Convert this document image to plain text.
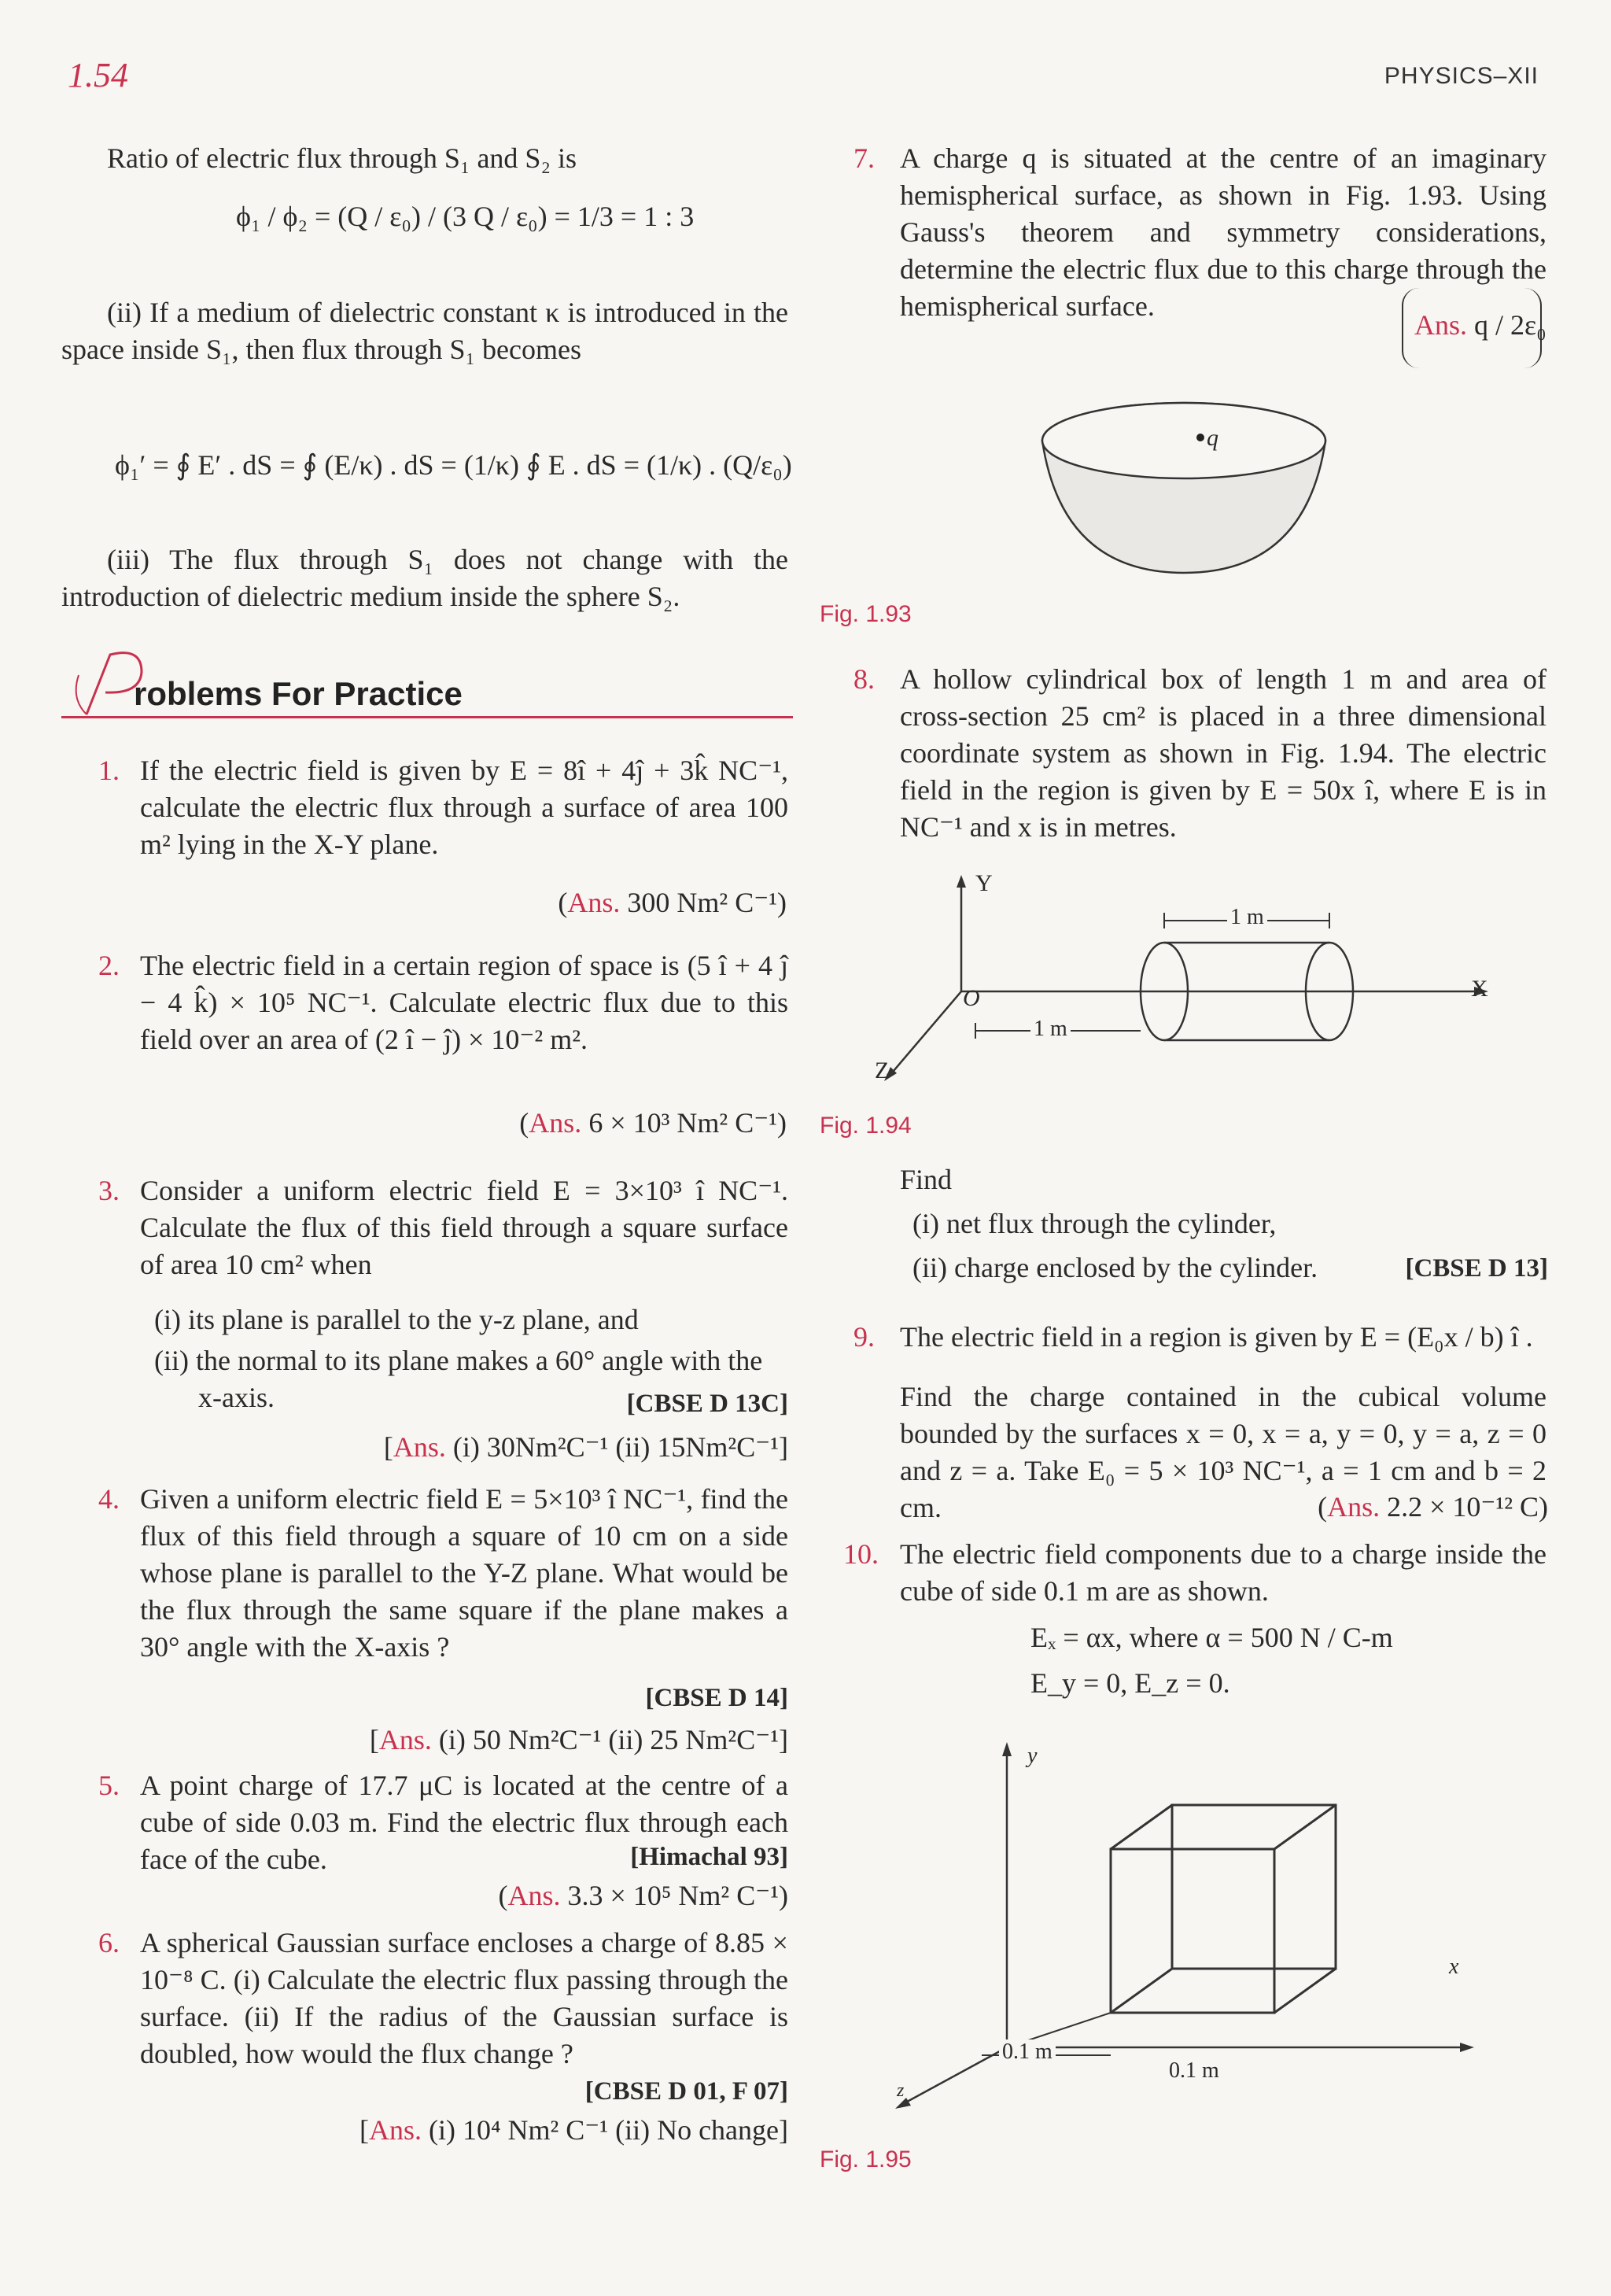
1.54	PHYSICS–XII
Ratio of electric flux through S₁ and S₂ is
ϕ₁ / ϕ₂ = (Q / ε₀) / (3 Q / ε₀) = 1/3 = 1 : 3
(ii) If a medium of dielectric constant κ is introduced in the space inside S₁, then flux through S₁ becomes
ϕ₁′ = ∮ E′ . dS = ∮ (E/κ) . dS = (1/κ) ∮ E . dS = (1/κ) . (Q/ε₀)
(iii) The flux through S₁ does not change with the introduction of dielectric medium inside the sphere S₂.
roblems For Practice
1. If the electric field is given by E = 8î + 4ĵ + 3k̂ NC⁻¹, calculate the electric flux through a surface of area 100 m² lying in the X-Y plane.
(Ans. 300 Nm² C⁻¹)
2. The electric field in a certain region of space is (5 î + 4 ĵ − 4 k̂) × 10⁵ NC⁻¹. Calculate electric flux due to this field over an area of (2 î − ĵ) × 10⁻² m².
(Ans. 6 × 10³ Nm² C⁻¹)
3. Consider a uniform electric field E = 3×10³ î NC⁻¹. Calculate the flux of this field through a square surface of area 10 cm² when
(i) its plane is parallel to the y-z plane, and
(ii) the normal to its plane makes a 60° angle with the x-axis.	[CBSE D 13C]
[Ans. (i) 30Nm²C⁻¹ (ii) 15Nm²C⁻¹]
4. Given a uniform electric field E = 5×10³ î NC⁻¹, find the flux of this field through a square of 10 cm on a side whose plane is parallel to the Y-Z plane. What would be the flux through the same square if the plane makes a 30° angle with the X-axis ?
[CBSE D 14]
[Ans. (i) 50 Nm²C⁻¹ (ii) 25 Nm²C⁻¹]
5. A point charge of 17.7 μC is located at the centre of a cube of side 0.03 m. Find the electric flux through each face of the cube.	[Himachal 93]
(Ans. 3.3 × 10⁵ Nm² C⁻¹)
6. A spherical Gaussian surface encloses a charge of 8.85 × 10⁻⁸ C. (i) Calculate the electric flux passing through the surface. (ii) If the radius of the Gaussian surface is doubled, how would the flux change ?
[CBSE D 01, F 07]
[Ans. (i) 10⁴ Nm² C⁻¹ (ii) No change]
7. A charge q is situated at the centre of an imaginary hemispherical surface, as shown in Fig. 1.93. Using Gauss's theorem and symmetry considerations, determine the electric flux due to this charge through the hemispherical surface.
Ans. q / 2ε₀
q
Fig. 1.93
8. A hollow cylindrical box of length 1 m and area of cross-section 25 cm² is placed in a three dimensional coordinate system as shown in Fig. 1.94. The electric field in the region is given by E = 50x î, where E is in NC⁻¹ and x is in metres.
Y
X
Z
O
1 m
1 m
Fig. 1.94
Find
(i) net flux through the cylinder,
(ii) charge enclosed by the cylinder.	[CBSE D 13]
9. The electric field in a region is given by E = (E₀x / b) î .
Find the charge contained in the cubical volume bounded by the surfaces x = 0, x = a, y = 0, y = a, z = 0 and z = a. Take E₀ = 5 × 10³ NC⁻¹, a = 1 cm and b = 2 cm.	(Ans. 2.2 × 10⁻¹² C)
10. The electric field components due to a charge inside the cube of side 0.1 m are as shown.
Eₓ = αx, where α = 500 N / C-m
E_y = 0, E_z = 0.
y
x
z
0.1 m
0.1 m
Fig. 1.95
